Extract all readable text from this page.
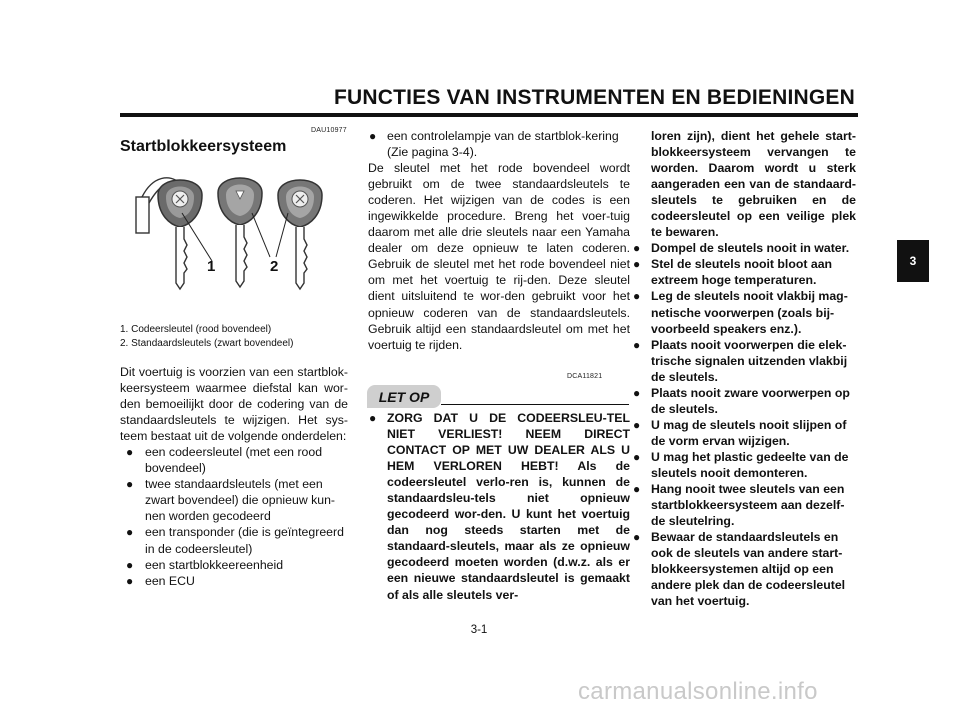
FUNCTIES VAN INSTRUMENTEN EN BEDIENINGEN
3
DAU10977
Startblokkeersysteem
1	2
1. Codeersleutel (rood bovendeel)
2. Standaardsleutels (zwart bovendeel)

Dit voertuig is voorzien van een startblok-keersysteem waarmee diefstal kan wor-den bemoeilijkt door de codering van de standaardsleutels te wijzigen. Het sys-teem bestaat uit de volgende onderdelen:

● een codeersleutel (met een rood bovendeel)
● twee standaardsleutels (met een zwart bovendeel) die opnieuw kun-nen worden gecodeerd
● een transponder (die is geïntegreerd in de codeersleutel)
● een startblokkeereenheid
● een ECU
● een controlelampje van de startblok-kering (Zie pagina 3-4).

De sleutel met het rode bovendeel wordt gebruikt om de twee standaardsleutels te coderen. Het wijzigen van de codes is een ingewikkelde procedure. Breng het voer-tuig daarom met alle drie sleutels naar een Yamaha dealer om deze opnieuw te laten coderen. Gebruik de sleutel met het rode bovendeel niet om met het voertuig te rij-den. Deze sleutel dient uitsluitend te wor-den gebruikt voor het opnieuw coderen van de standaardsleutels. Gebruik altijd een standaardsleutel om met het voertuig te rijden.

DCA11821
LET OP
● ZORG DAT U DE CODEERSLEU-TEL NIET VERLIEST! NEEM DIRECT CONTACT OP MET UW DEALER ALS U HEM VERLOREN HEBT! Als de codeersleutel verlo-ren is, kunnen de standaardsleu-tels niet opnieuw gecodeerd wor-den. U kunt het voertuig dan nog steeds starten met de standaard-sleutels, maar als ze opnieuw gecodeerd moeten worden (d.w.z. als er een nieuwe standaardsleutel is gemaakt of als alle sleutels ver-

loren zijn), dient het gehele start-blokkeersysteem vervangen te worden. Daarom wordt u sterk aangeraden een van de standaard-sleutels te gebruiken en de codeersleutel op een veilige plek te bewaren.

● Dompel de sleutels nooit in water.
● Stel de sleutels nooit bloot aan extreem hoge temperaturen.
● Leg de sleutels nooit vlakbij mag-netische voorwerpen (zoals bij-voorbeeld speakers enz.).
● Plaats nooit voorwerpen die elek-trische signalen uitzenden vlakbij de sleutels.
● Plaats nooit zware voorwerpen op de sleutels.
● U mag de sleutels nooit slijpen of de vorm ervan wijzigen.
● U mag het plastic gedeelte van de sleutels nooit demonteren.
● Hang nooit twee sleutels van een startblokkeersysteem aan dezelf-de sleutelring.
● Bewaar de standaardsleutels en ook de sleutels van andere start-blokkeersystemen altijd op een andere plek dan de codeersleutel van het voertuig.
3-1
carmanualsonline.info
